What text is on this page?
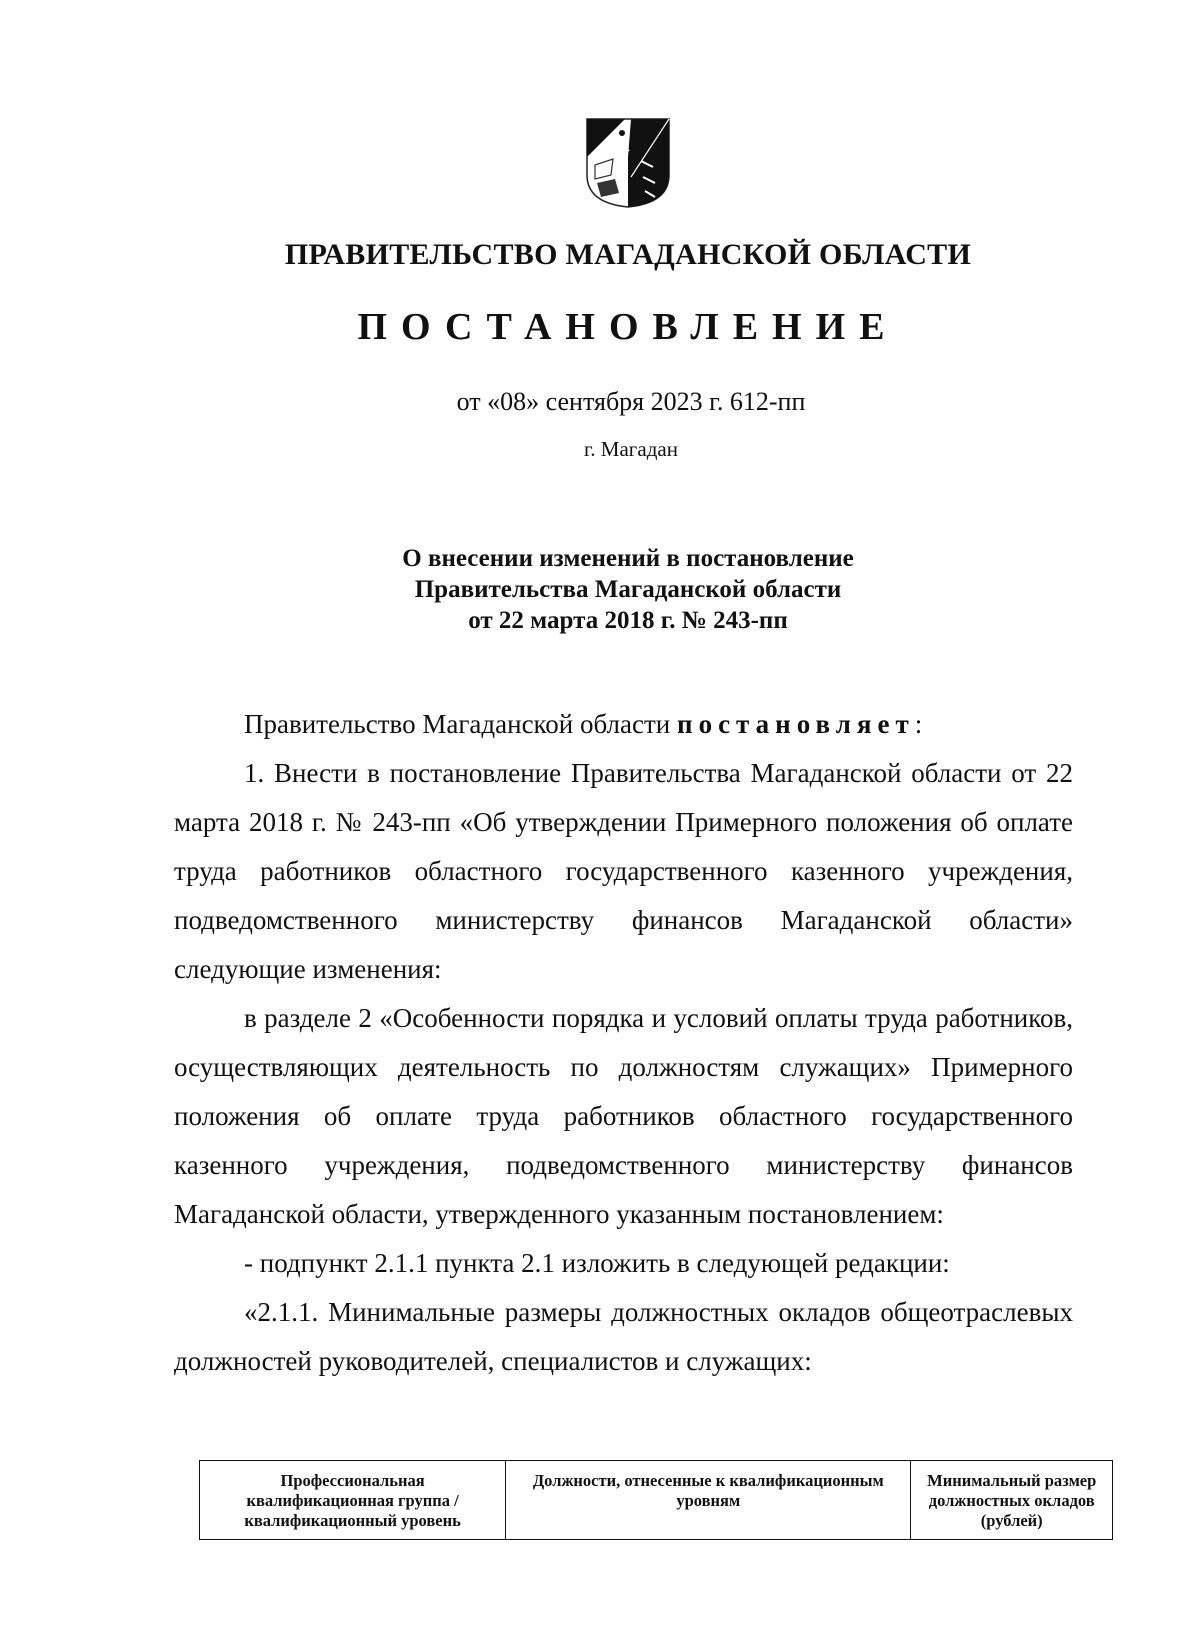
ПРАВИТЕЛЬСТВО МАГАДАНСКОЙ ОБЛАСТИ
ПОСТАНОВЛЕНИЕ
от «08» сентября 2023 г. 612-пп
г. Магадан
О внесении изменений в постановление
Правительства Магаданской области
от 22 марта 2018 г. № 243-пп

Правительство Магаданской области постановляет:

1. Внести в постановление Правительства Магаданской области от 22 марта 2018 г. № 243-пп «Об утверждении Примерного положения об оплате труда работников областного государственного казенного учреждения, подведомственного министерству финансов Магаданской области» следующие изменения:

в разделе 2 «Особенности порядка и условий оплаты труда работников, осуществляющих деятельность по должностям служащих» Примерного положения об оплате труда работников областного государственного казенного учреждения, подведомственного министерству финансов Магаданской области, утвержденного указанным постановлением:

- подпункт 2.1.1 пункта 2.1 изложить в следующей редакции:

«2.1.1. Минимальные размеры должностных окладов общеотраслевых должностей руководителей, специалистов и служащих:

Профессиональная квалификационная группа / квалификационный уровень	Должности, отнесенные к квалификационным уровням	Минимальный размер должностных окладов (рублей)
